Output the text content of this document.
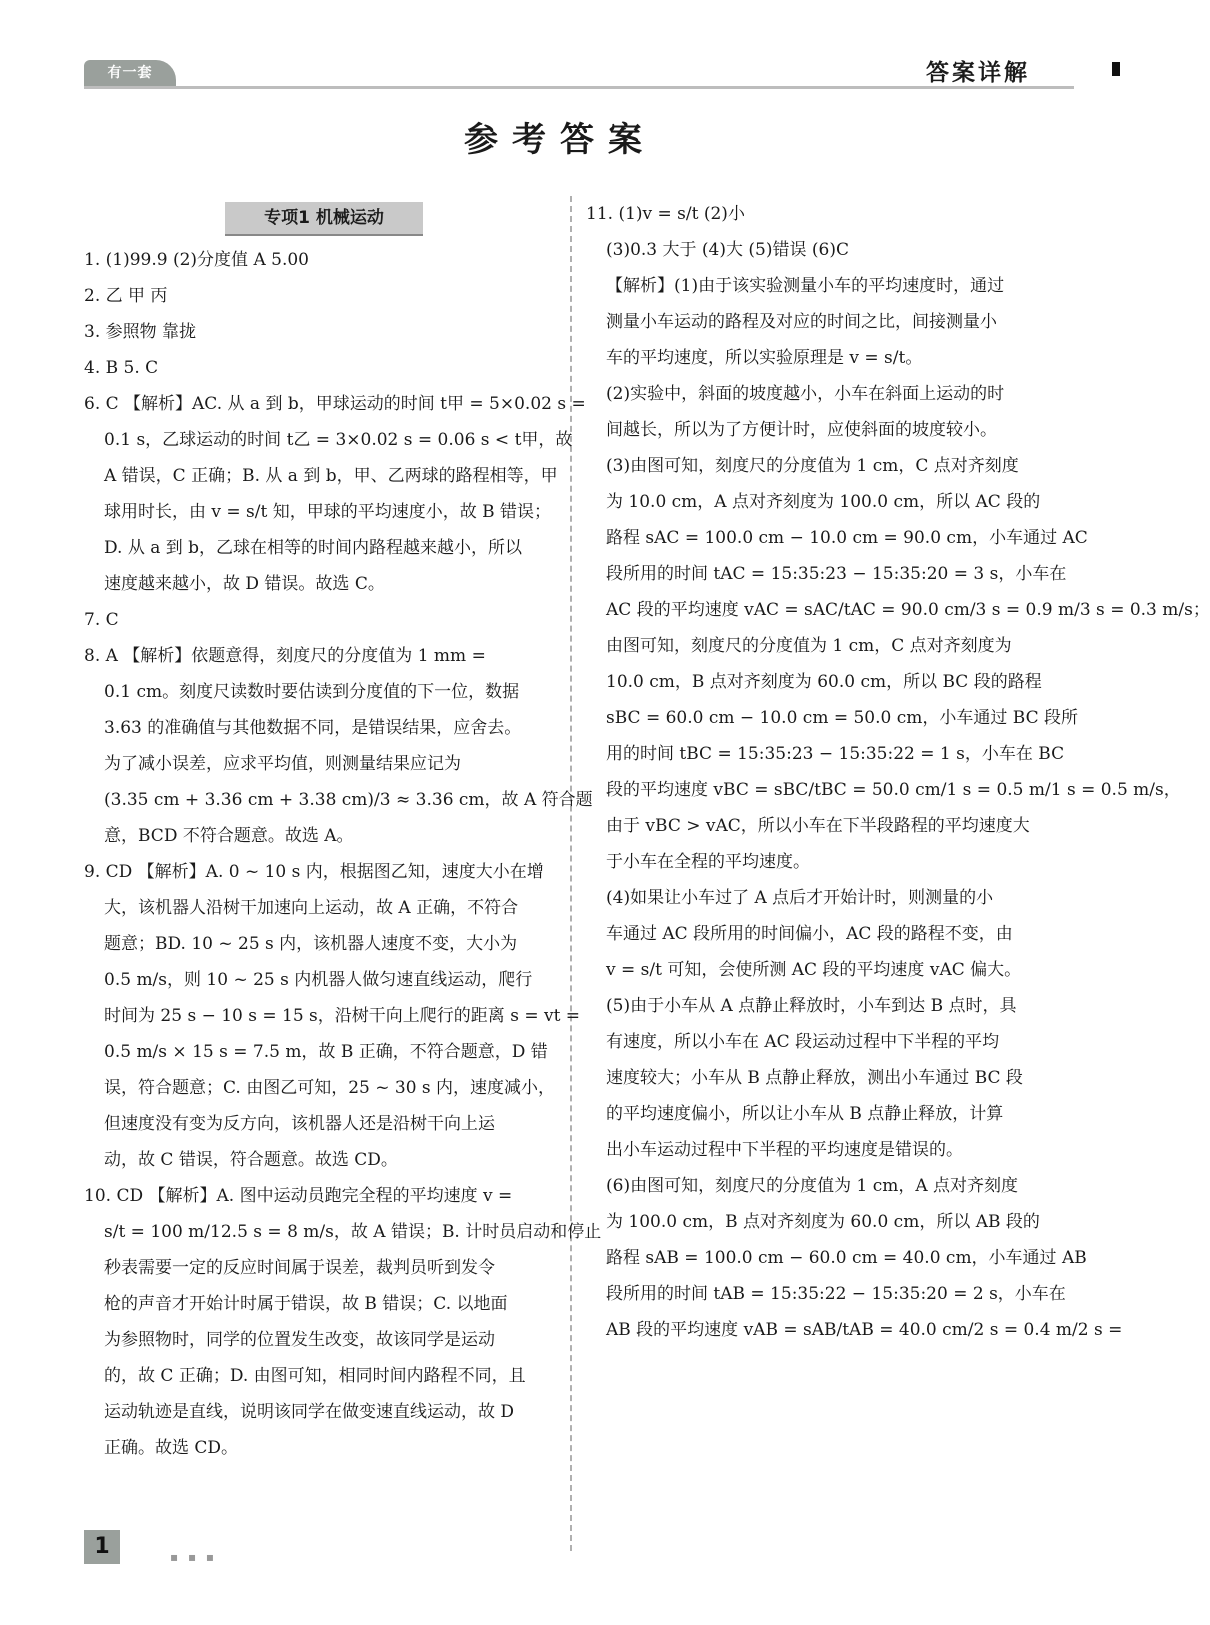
有一套	答案详解
参考答案
专项1 机械运动
1. (1)99.9 (2)分度值 A 5.00
2. 乙 甲 丙
3. 参照物 靠拢
4. B 5. C
6. C 【解析】AC. 从 a 到 b，甲球运动的时间 t甲 = 5×0.02 s =
0.1 s，乙球运动的时间 t乙 = 3×0.02 s = 0.06 s < t甲，故
A 错误，C 正确；B. 从 a 到 b，甲、乙两球的路程相等，甲
球用时长，由 v = s/t 知，甲球的平均速度小，故 B 错误；
D. 从 a 到 b，乙球在相等的时间内路程越来越小，所以
速度越来越小，故 D 错误。故选 C。
7. C
8. A 【解析】依题意得，刻度尺的分度值为 1 mm =
0.1 cm。刻度尺读数时要估读到分度值的下一位，数据
3.63 的准确值与其他数据不同，是错误结果，应舍去。
为了减小误差，应求平均值，则测量结果应记为
(3.35 cm + 3.36 cm + 3.38 cm)/3 ≈ 3.36 cm，故 A 符合题
意，BCD 不符合题意。故选 A。
9. CD 【解析】A. 0 ~ 10 s 内，根据图乙知，速度大小在增
大，该机器人沿树干加速向上运动，故 A 正确，不符合
题意；BD. 10 ~ 25 s 内，该机器人速度不变，大小为
0.5 m/s，则 10 ~ 25 s 内机器人做匀速直线运动，爬行
时间为 25 s − 10 s = 15 s，沿树干向上爬行的距离 s = vt =
0.5 m/s × 15 s = 7.5 m，故 B 正确，不符合题意，D 错
误，符合题意；C. 由图乙可知，25 ~ 30 s 内，速度减小，
但速度没有变为反方向，该机器人还是沿树干向上运
动，故 C 错误，符合题意。故选 CD。
10. CD 【解析】A. 图中运动员跑完全程的平均速度 v =
s/t = 100 m/12.5 s = 8 m/s，故 A 错误；B. 计时员启动和停止
秒表需要一定的反应时间属于误差，裁判员听到发令
枪的声音才开始计时属于错误，故 B 错误；C. 以地面
为参照物时，同学的位置发生改变，故该同学是运动
的，故 C 正确；D. 由图可知，相同时间内路程不同，且
运动轨迹是直线，说明该同学在做变速直线运动，故 D
正确。故选 CD。
11. (1)v = s/t (2)小
(3)0.3 大于 (4)大 (5)错误 (6)C
【解析】(1)由于该实验测量小车的平均速度时，通过
测量小车运动的路程及对应的时间之比，间接测量小
车的平均速度，所以实验原理是 v = s/t。
(2)实验中，斜面的坡度越小，小车在斜面上运动的时
间越长，所以为了方便计时，应使斜面的坡度较小。
(3)由图可知，刻度尺的分度值为 1 cm，C 点对齐刻度
为 10.0 cm，A 点对齐刻度为 100.0 cm，所以 AC 段的
路程 sAC = 100.0 cm − 10.0 cm = 90.0 cm，小车通过 AC
段所用的时间 tAC = 15:35:23 − 15:35:20 = 3 s，小车在
AC 段的平均速度 vAC = sAC/tAC = 90.0 cm/3 s = 0.9 m/3 s = 0.3 m/s；
由图可知，刻度尺的分度值为 1 cm，C 点对齐刻度为
10.0 cm，B 点对齐刻度为 60.0 cm，所以 BC 段的路程
sBC = 60.0 cm − 10.0 cm = 50.0 cm，小车通过 BC 段所
用的时间 tBC = 15:35:23 − 15:35:22 = 1 s，小车在 BC
段的平均速度 vBC = sBC/tBC = 50.0 cm/1 s = 0.5 m/1 s = 0.5 m/s，
由于 vBC > vAC，所以小车在下半段路程的平均速度大
于小车在全程的平均速度。
(4)如果让小车过了 A 点后才开始计时，则测量的小
车通过 AC 段所用的时间偏小，AC 段的路程不变，由
v = s/t 可知，会使所测 AC 段的平均速度 vAC 偏大。
(5)由于小车从 A 点静止释放时，小车到达 B 点时，具
有速度，所以小车在 AC 段运动过程中下半程的平均
速度较大；小车从 B 点静止释放，测出小车通过 BC 段
的平均速度偏小，所以让小车从 B 点静止释放，计算
出小车运动过程中下半程的平均速度是错误的。
(6)由图可知，刻度尺的分度值为 1 cm，A 点对齐刻度
为 100.0 cm，B 点对齐刻度为 60.0 cm，所以 AB 段的
路程 sAB = 100.0 cm − 60.0 cm = 40.0 cm，小车通过 AB
段所用的时间 tAB = 15:35:22 − 15:35:20 = 2 s，小车在
AB 段的平均速度 vAB = sAB/tAB = 40.0 cm/2 s = 0.4 m/2 s =
1	▪ ▪ ▪
